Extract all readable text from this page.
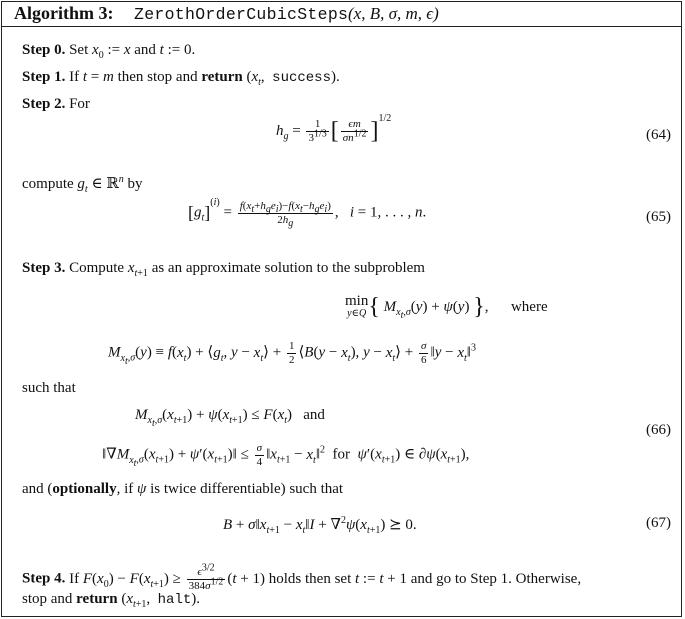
Algorithm 3: ZerothOrderCubicSteps (x, B, σ, m, ϵ)
Step 0. Set $x_0$ := x and t := 0.
Step 1. If t = m then stop and return ($x_t$,  success).
Step 2. For
$h_g = \frac{1}{3^{1/3}}$ [ $\frac{\epsilon m}{\sigma n^{1/2}} ]^{1/2}$
(64)
compute $g_t$ ∈ ℝ$^n$ by
$[g_t]^{(i)} = \frac{f(x_t+h_ge_i)-f(x_t-h_ge_i)}{2h_g}$ ,   i = 1, . . . , n.	(65)
Step 3. Compute $x_{t+1}$ as an approximate solution to the subproblem
min
y∈Q { $M_{x_t,\sigma}(y) + \psi(y)$ },      where
$M_{x_t,\sigma}(y) \equiv f(x_t)$ + $⟨g_t$, $y - x_t⟩ + \frac{1}{2}$ ⟨B(y − $x_t$), $y - x_t⟩ + \frac{\sigma}{6}$ ‖y − $x_t‖^3$
such that
$M_{x_t,\sigma}(x_{t+1}) + \psi(x_{t+1}) \le F(x_t)$   and
$‖\nabla M_{x_t,\sigma}(x_{t+1})$ + $\psi'(x_{t+1})‖ \le \frac{\sigma}{4}$ $‖x_{t+1}$ − $x_t‖^2$ for $\psi'(x_{t+1})$ ∈ $\partial\psi(x_{t+1})$,
(66)
and (optionally, if ψ is twice differentiable) such that
$B + \sigma‖x_{t+1}$ − $x_t‖I + \nabla^2\psi(x_{t+1})$ ⪰ 0.	(67)
Step 4. If $F(x_0) - F(x_{t+1}) \ge \frac{\epsilon^{3/2}}{384\sigma^{1/2}} (t + 1)$ holds then set t := t + 1 and go to Step 1. Otherwise,
stop and return ($x_{t+1}$,  halt).
